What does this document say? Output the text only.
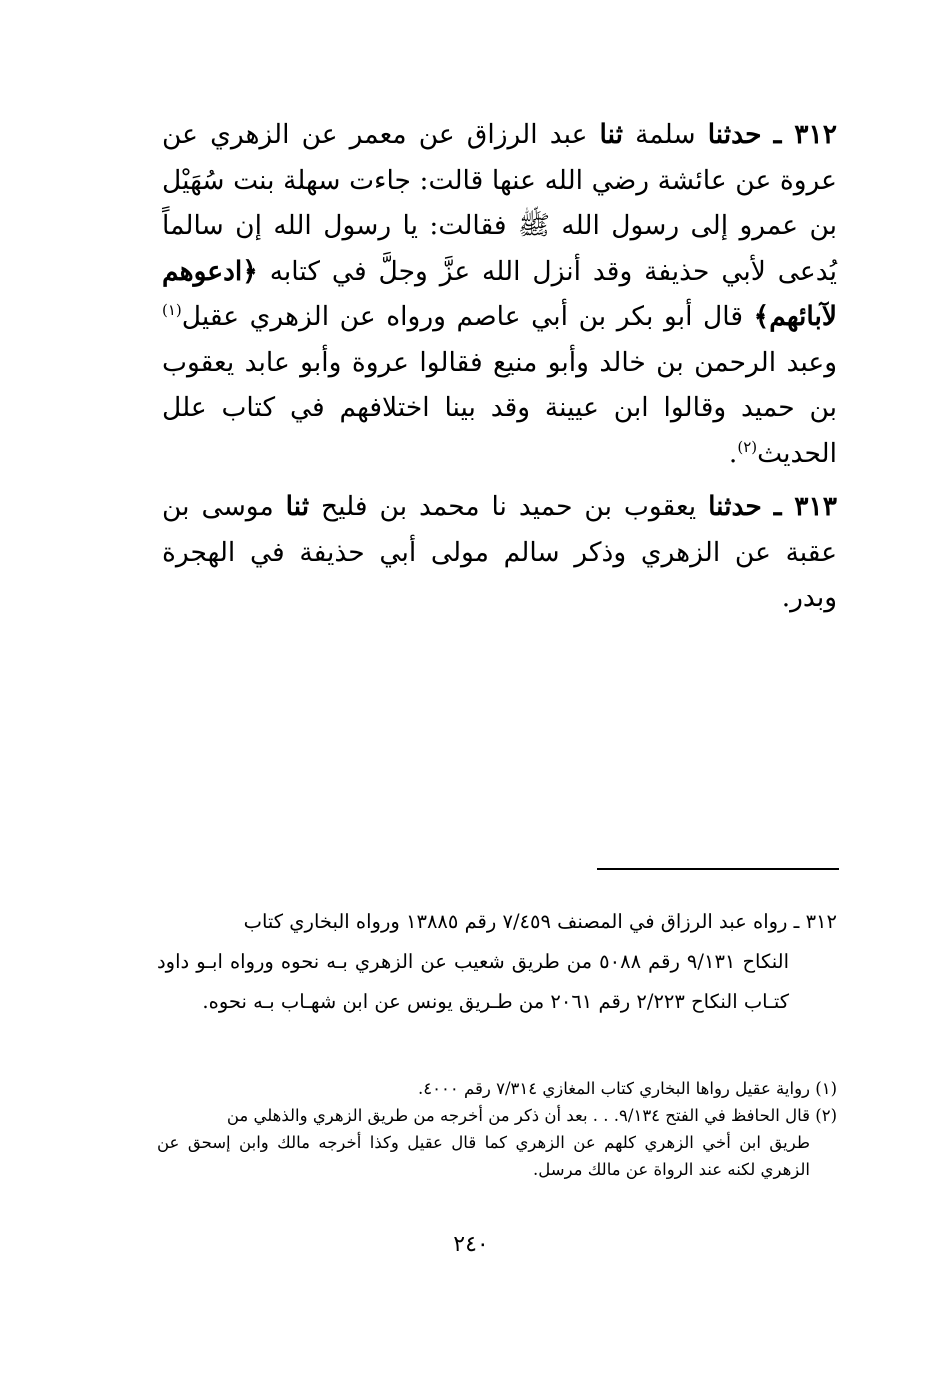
٣١٢ ـ حدثنا سلمة ثنا عبد الرزاق عن معمر عن الزهري عن عروة عن عائشة رضي الله عنها قالت: جاءت سهلة بنت سُهَيْل بن عمرو إلى رسول الله ﷺ فقالت: يا رسول الله إن سالماً يُدعى لأبي حذيفة وقد أنزل الله عزَّ وجلَّ في كتابه ﴿ادعوهم لآبائهم﴾ قال أبو بكر بن أبي عاصم ورواه عن الزهري عقيل$^{(١)}$ وعبد الرحمن بن خالد وأبو منيع فقالوا عروة وأبو عابد يعقوب بن حميد وقالوا ابن عيينة وقد بينا اختلافهم في كتاب علل الحديث$^{(٢)}$.

٣١٣ ـ حدثنا يعقوب بن حميد نا محمد بن فليح ثنا موسى بن عقبة عن الزهري وذكر سالم مولى أبي حذيفة في الهجرة وبدر.

٣١٢ ـ رواه عبد الرزاق في المصنف ٧/٤٥٩ رقم ١٣٨٨٥ ورواه البخاري كتاب
النكاح ٩/١٣١ رقم ٥٠٨٨ من طريق شعيب عن الزهري بـه نحوه ورواه ابـو داود كتـاب النكاح ٢/٢٢٣ رقم ٢٠٦١ من طـريق يونس عن ابن شهـاب بـه نحوه.

(١) رواية عقيل رواها البخاري كتاب المغازي ٧/٣١٤ رقم ٤٠٠٠.

(٢) قال الحافظ في الفتح ٩/١٣٤. . . بعد أن ذكر من أخرجه من طريق الزهري والذهلي من
طريق ابن أخي الزهري كلهم عن الزهري كما قال عقيل وكذا أخرجه مالك وابن إسحق عن الزهري لكنه عند الرواة عن مالك مرسل.

٢٤٠
